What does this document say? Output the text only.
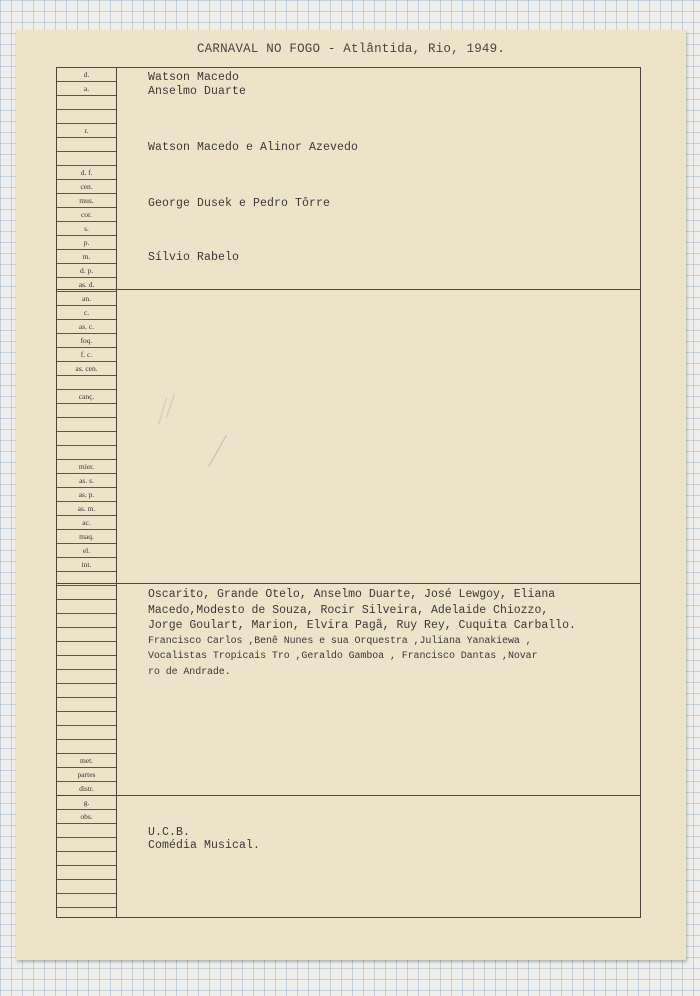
CARNAVAL NO FOGO - Atlântida, Rio, 1949.
d.
a.
r.
d. f.
cen.
mus.
cor.
s.
p.
m.
d. p.
as. d.
an.
c.
as. c.
foq.
f. c.
as. cen.
canç.
mier.
as. s.
as. p.
as. m.
ac.
maq.
el.
int.
met.
partes
distr.
g.
obs.
Watson Macedo
Anselmo Duarte
Watson Macedo e Alinor Azevedo
George Dusek e Pedro Tôrre
Sílvio Rabelo
Oscarito, Grande Otelo, Anselmo Duarte, José Lewgoy, Eliana
Macedo,Modesto de Souza, Rocir Silveira, Adelaide Chiozzo,
Jorge Goulart, Marion, Elvira Pagã, Ruy Rey, Cuquita Carballo.
Francisco Carlos ,Benê Nunes e sua Orquestra ,Juliana Yanakiewa ,
Vocalistas Tropicais Tro ,Geraldo Gamboa , Francisco Dantas ,Novar
ro de Andrade.
U.C.B.
Comédia Musical.
